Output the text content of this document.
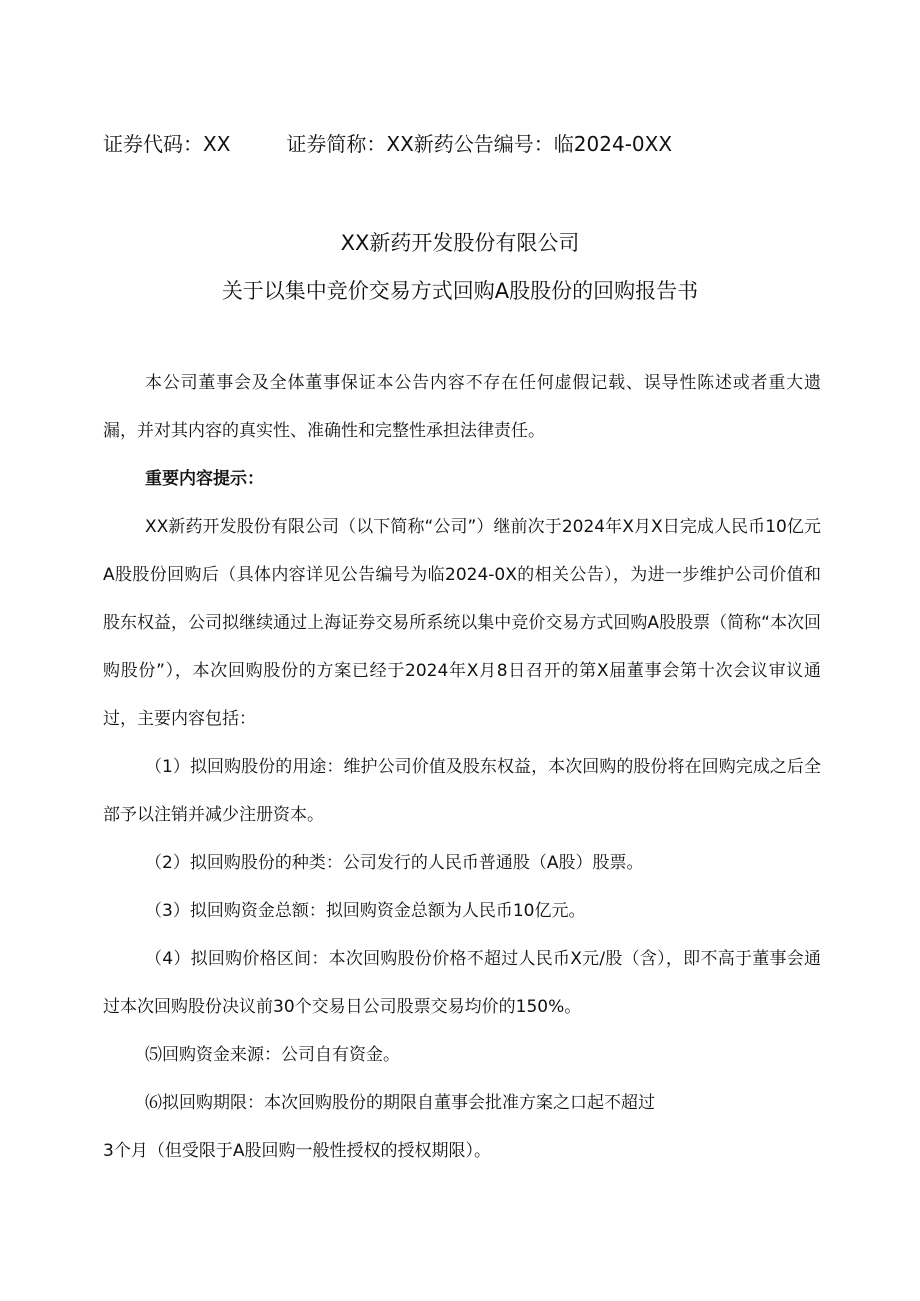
证券代码：XX	证券简称：XX新药公告编号：临2024-0XX
XX新药开发股份有限公司
关于以集中竞价交易方式回购A股股份的回购报告书
本公司董事会及全体董事保证本公告内容不存在任何虚假记载、误导性陈述或者重大遗漏，并对其内容的真实性、准确性和完整性承担法律责任。
重要内容提示：
XX新药开发股份有限公司（以下简称“公司”）继前次于2024年X月X日完成人民币10亿元A股股份回购后（具体内容详见公告编号为临2024-0X的相关公告），为进一步维护公司价值和股东权益，公司拟继续通过上海证券交易所系统以集中竞价交易方式回购A股股票（简称“本次回购股份”），本次回购股份的方案已经于2024年X月8日召开的第X届董事会第十次会议审议通过，主要内容包括：
（1）拟回购股份的用途：维护公司价值及股东权益，本次回购的股份将在回购完成之后全部予以注销并减少注册资本。
（2）拟回购股份的种类：公司发行的人民币普通股（A股）股票。
（3）拟回购资金总额：拟回购资金总额为人民币10亿元。
（4）拟回购价格区间：本次回购股份价格不超过人民币X元/股（含），即不高于董事会通过本次回购股份决议前30个交易日公司股票交易均价的150%。
⑸回购资金来源：公司自有资金。
⑹拟回购期限：本次回购股份的期限自董事会批准方案之口起不超过
3个月（但受限于A股回购一般性授权的授权期限）。
